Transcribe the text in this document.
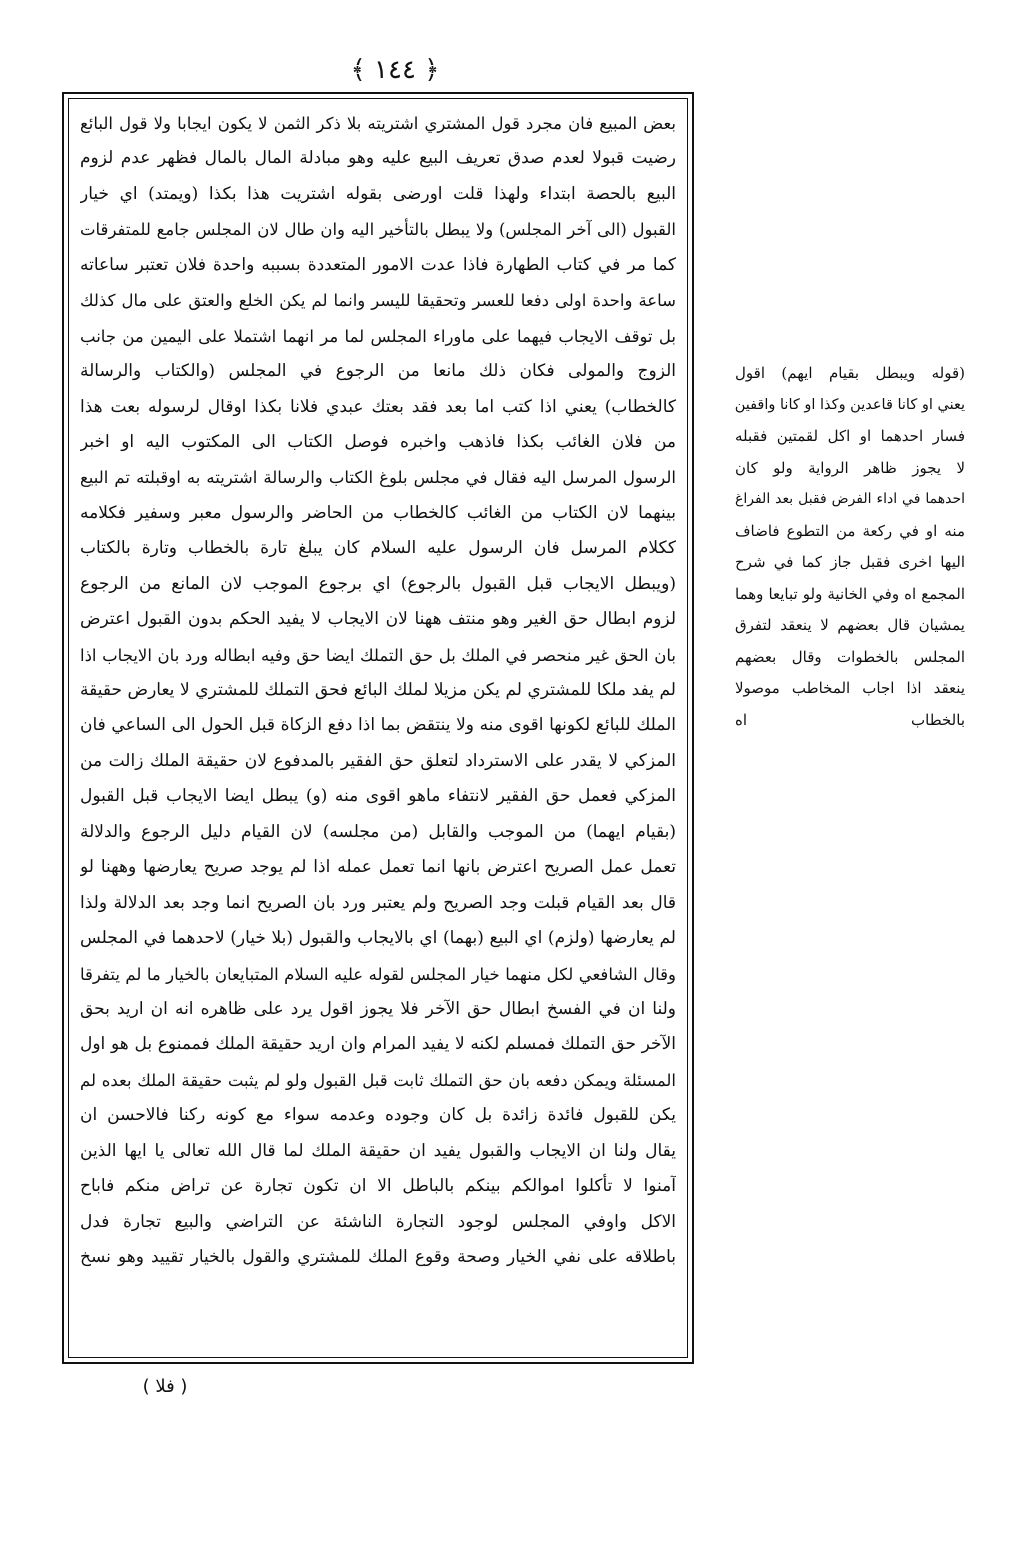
﴿ ١٤٤ ﴾
بعض المبيع فان مجرد قول المشتري اشتريته بلا ذكر الثمن لا يكون ايجابا ولا قول البائع
رضيت قبولا لعدم صدق تعريف البيع عليه وهو مبادلة المال بالمال فظهر عدم لزوم
البيع بالحصة ابتداء ولهذا قلت اورضى بقوله اشتريت هذا بكذا (ويمتد) اي خيار
القبول (الى آخر المجلس) ولا يبطل بالتأخير اليه وان طال لان المجلس جامع للمتفرقات
كما مر في كتاب الطهارة فاذا عدت الامور المتعددة بسببه واحدة فلان تعتبر ساعاته
ساعة واحدة اولى دفعا للعسر وتحقيقا لليسر وانما لم يكن الخلع والعتق على مال كذلك
بل توقف الايجاب فيهما على ماوراء المجلس لما مر انهما اشتملا على اليمين من جانب
الزوج والمولى فكان ذلك مانعا من الرجوع في المجلس (والكتاب والرسالة
كالخطاب) يعني اذا كتب اما بعد فقد بعتك عبدي فلانا بكذا اوقال لرسوله بعت هذا
من فلان الغائب بكذا فاذهب واخبره فوصل الكتاب الى المكتوب اليه او اخبر
الرسول المرسل اليه فقال في مجلس بلوغ الكتاب والرسالة اشتريته به اوقبلته تم البيع
بينهما لان الكتاب من الغائب كالخطاب من الحاضر والرسول معبر وسفير فكلامه
ككلام المرسل فان الرسول عليه السلام كان يبلغ تارة بالخطاب وتارة بالكتاب
(ويبطل الايجاب قبل القبول بالرجوع) اي برجوع الموجب لان المانع من الرجوع
لزوم ابطال حق الغير وهو منتف ههنا لان الايجاب لا يفيد الحكم بدون القبول اعترض
بان الحق غير منحصر في الملك بل حق التملك ايضا حق وفيه ابطاله ورد بان الايجاب اذا
لم يفد ملكا للمشتري لم يكن مزيلا لملك البائع فحق التملك للمشتري لا يعارض حقيقة
الملك للبائع لكونها اقوى منه ولا ينتقض بما اذا دفع الزكاة قبل الحول الى الساعي فان
المزكي لا يقدر على الاسترداد لتعلق حق الفقير بالمدفوع لان حقيقة الملك زالت من
المزكي فعمل حق الفقير لانتفاء ماهو اقوى منه (و) يبطل ايضا الايجاب قبل القبول
(بقيام ايهما) من الموجب والقابل (من مجلسه) لان القيام دليل الرجوع والدلالة
تعمل عمل الصريح اعترض بانها انما تعمل عمله اذا لم يوجد صريح يعارضها وههنا لو
قال بعد القيام قبلت وجد الصريح ولم يعتبر ورد بان الصريح انما وجد بعد الدلالة ولذا
لم يعارضها (ولزم) اي البيع (بهما) اي بالايجاب والقبول (بلا خيار) لاحدهما في المجلس
وقال الشافعي لكل منهما خيار المجلس لقوله عليه السلام المتبايعان بالخيار ما لم يتفرقا
ولنا ان في الفسخ ابطال حق الآخر فلا يجوز اقول يرد على ظاهره انه ان اريد بحق
الآخر حق التملك فمسلم لكنه لا يفيد المرام وان اريد حقيقة الملك فممنوع بل هو اول
المسئلة ويمكن دفعه بان حق التملك ثابت قبل القبول ولو لم يثبت حقيقة الملك بعده لم
يكن للقبول فائدة زائدة بل كان وجوده وعدمه سواء مع كونه ركنا فالاحسن ان
يقال ولنا ان الايجاب والقبول يفيد ان حقيقة الملك لما قال الله تعالى يا ايها الذين
آمنوا لا تأكلوا اموالكم بينكم بالباطل الا ان تكون تجارة عن تراض منكم فاباح
الاكل واوفي المجلس لوجود التجارة الناشئة عن التراضي والبيع تجارة فدل
باطلاقه على نفي الخيار وصحة وقوع الملك للمشتري والقول بالخيار تقييد وهو نسخ
(قوله ويبطل بقيام ايهم) اقول
يعني او كانا قاعدين وكذا او كانا واقفين
فسار احدهما او اكل لقمتين فقبله
لا يجوز ظاهر الرواية ولو كان
احدهما في اداء الفرض فقبل بعد الفراغ
منه او في ركعة من التطوع فاضاف
اليها اخرى فقبل جاز كما في شرح
المجمع اه وفي الخانية ولو تبايعا وهما
يمشيان قال بعضهم لا ينعقد لتفرق
المجلس بالخطوات وقال بعضهم
ينعقد اذا اجاب المخاطب موصولا
بالخطاب اه
( فلا )
